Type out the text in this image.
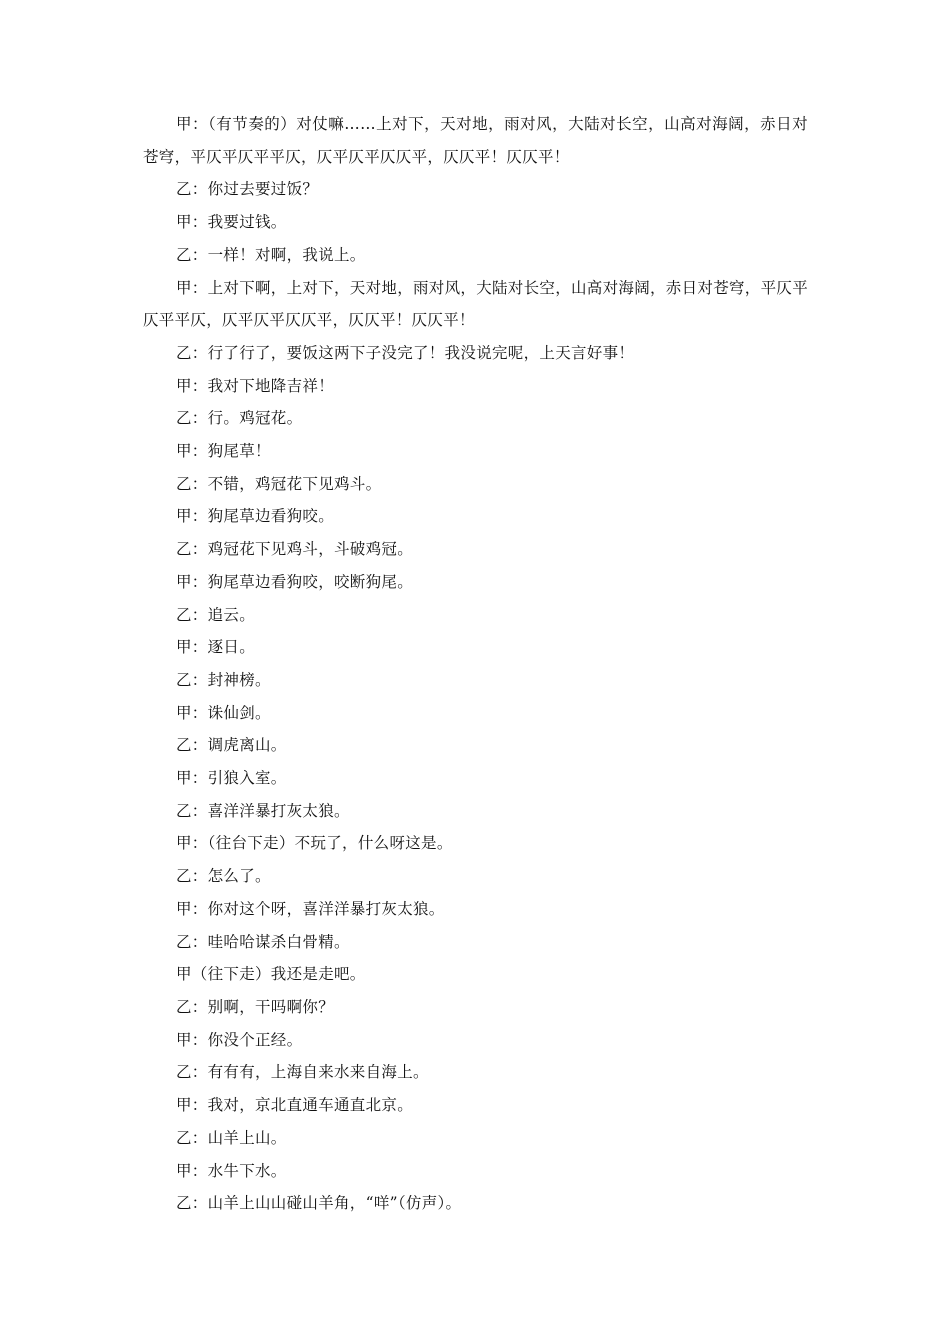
甲：（有节奏的）对仗嘛……上对下，天对地，雨对风，大陆对长空，山高对海阔，赤日对苍穹，平仄平仄平平仄，仄平仄平仄仄平，仄仄平！仄仄平！

乙：你过去要过饭？

甲：我要过钱。

乙：一样！对啊，我说上。

甲：上对下啊，上对下，天对地，雨对风，大陆对长空，山高对海阔，赤日对苍穹，平仄平仄平平仄，仄平仄平仄仄平，仄仄平！仄仄平！

乙：行了行了，要饭这两下子没完了！我没说完呢，上天言好事！

甲：我对下地降吉祥！

乙：行。鸡冠花。

甲：狗尾草！

乙：不错，鸡冠花下见鸡斗。

甲：狗尾草边看狗咬。

乙：鸡冠花下见鸡斗，斗破鸡冠。

甲：狗尾草边看狗咬，咬断狗尾。

乙：追云。

甲：逐日。

乙：封神榜。

甲：诛仙剑。

乙：调虎离山。

甲：引狼入室。

乙：喜洋洋暴打灰太狼。

甲：（往台下走）不玩了，什么呀这是。

乙：怎么了。

甲：你对这个呀，喜洋洋暴打灰太狼。

乙：哇哈哈谋杀白骨精。

甲（往下走）我还是走吧。

乙：别啊，干吗啊你？

甲：你没个正经。

乙：有有有，上海自来水来自海上。

甲：我对，京北直通车通直北京。

乙：山羊上山。

甲：水牛下水。

乙：山羊上山山碰山羊角，“咩”（仿声）。
